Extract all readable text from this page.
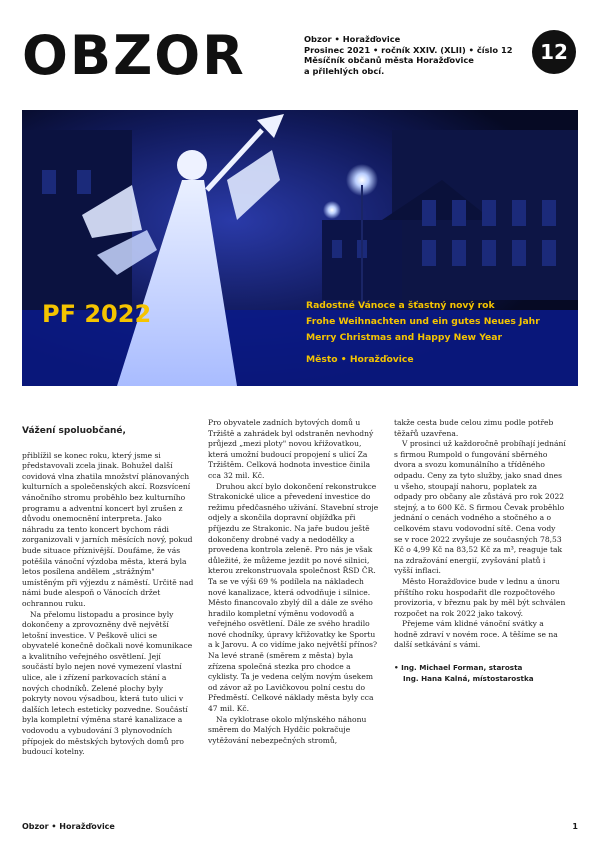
OBZOR	Obzor • Horažďovice
Prosinec 2021 • ročník XXIV. (XLII) • číslo 12
Měsíčník občanů města Horažďovice
a přilehlých obcí.
12
PF 2022	Radostné Vánoce a šťastný nový rok
Frohe Weihnachten und ein gutes Neues Jahr
Merry Christmas and Happy New Year
Město • Horažďovice

Vážení spoluobčané,

přiblížil se konec roku, který jsme si představovali zcela jinak. Bohužel další covidová vlna zhatila množství plánovaných kulturních a společenských akcí. Rozsvícení vánočního stromu proběhlo bez kulturního programu a adventní koncert byl zrušen z důvodu onemocnění interpreta. Jako náhradu za tento koncert bychom rádi zorganizovali v jarních měsících nový, pokud bude situace příznivější. Doufáme, že vás potěšila vánoční výzdoba města, která byla letos posílena andělem „strážným" umístěným při výjezdu z náměstí. Určitě nad námi bude alespoň o Vánocích držet ochrannou ruku.

Na přelomu listopadu a prosince byly dokončeny a zprovozněny dvě největší letošní investice. V Peškově ulici se obyvatelé konečně dočkali nové komunikace a kvalitního veřejného osvětlení. Její součástí bylo nejen nové vymezení vlastní ulice, ale i zřízení parkovacích stání a nových chodníků. Zelené plochy byly pokryty novou výsadbou, která tuto ulici v dalších letech esteticky pozvedne. Součástí byla kompletní výměna staré kanalizace a vodovodu a vybudování 3 plynovodních přípojek do městských bytových domů pro budoucí kotelny.

Pro obyvatele zadních bytových domů u Tržiště a zahrádek byl odstraněn nevhodný průjezd „mezi ploty" novou křižovatkou, která umožní budoucí propojení s ulicí Za Tržištěm. Celková hodnota investice činila cca 32 mil. Kč.

Druhou akcí bylo dokončení rekonstrukce Strakonické ulice a převedení investice do režimu předčasného užívání. Stavební stroje odjely a skončila dopravní objížďka při příjezdu ze Strakonic. Na jaře budou ještě dokončeny drobné vady a nedodělky a provedena kontrola zeleně. Pro nás je však důležité, že můžeme jezdit po nové silnici, kterou zrekonstruovala společnost ŘSD ČR. Ta se ve výši 69 % podílela na nákladech nové kanalizace, která odvodňuje i silnice. Město financovalo zbylý díl a dále ze svého hradilo kompletní výměnu vodovodů a veřejného osvětlení. Dále ze svého hradilo nové chodníky, úpravy křižovatky ke Sportu a k Jarovu. A co vidíme jako největší přínos? Na levé straně (směrem z města) byla zřízena společná stezka pro chodce a cyklisty. Ta je vedena celým novým úsekem od závor až po Lavičkovou polní cestu do Předměstí. Celkové náklady města byly cca 47 mil. Kč.

Na cyklotrase okolo mlýnského náhonu směrem do Malých Hydčic pokračuje vytěžování nebezpečných stromů,

takže cesta bude celou zimu podle potřeb těžařů uzavřena.

V prosinci už každoročně probíhají jednání s firmou Rumpold o fungování sběrného dvora a svozu komunálního a tříděného odpadu. Ceny za tyto služby, jako snad dnes u všeho, stoupají nahoru, poplatek za odpady pro občany ale zůstává pro rok 2022 stejný, a to 600 Kč. S firmou Čevak proběhlo jednání o cenách vodného a stočného a o celkovém stavu vodovodní sítě. Cena vody se v roce 2022 zvyšuje ze současných 78,53 Kč o 4,99 Kč na 83,52 Kč za m³, reaguje tak na zdražování energií, zvyšování platů i vyšší inflaci.

Město Horažďovice bude v lednu a únoru příštího roku hospodařit dle rozpočtového provizoria, v březnu pak by měl být schválen rozpočet na rok 2022 jako takový.

Přejeme vám klidné vánoční svátky a hodně zdraví v novém roce. A těšíme se na další setkávání s vámi.

• Ing. Michael Forman, starosta
Ing. Hana Kalná, místostarostka
Obzor • Horažďovice	1
